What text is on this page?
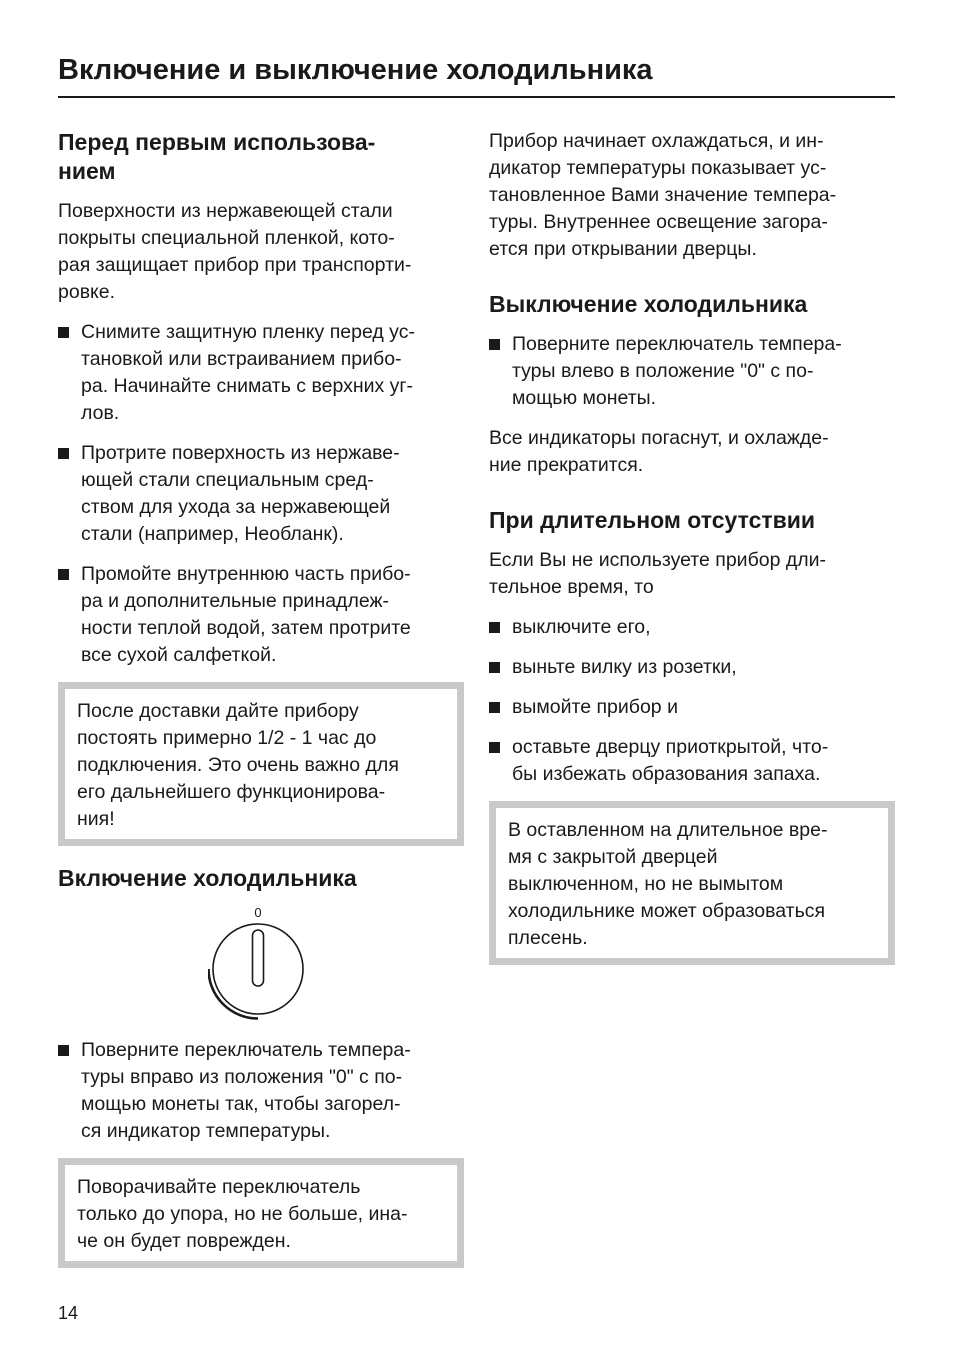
Включение и выключение холодильника
Перед первым использова-
нием

Поверхности из нержавеющей стали
покрыты специальной пленкой, кото-
рая защищает прибор при транспорти-
ровке.

Снимите защитную пленку перед ус-
тановкой или встраиванием прибо-
ра. Начинайте снимать с верхних уг-
лов.
Протрите поверхность из нержаве-
ющей стали специальным сред-
ством для ухода за нержавеющей
стали (например, Необланк).
Промойте внутреннюю часть прибо-
ра и дополнительные принадлеж-
ности теплой водой, затем протрите
все сухой салфеткой.
После доставки дайте прибору
постоять примерно 1/2 - 1 час до
подключения. Это очень важно для
его дальнейшего функционирова-
ния!
Включение холодильника
0
Поверните переключатель темпера-
туры вправо из положения "0" с по-
мощью монеты так, чтобы загорел-
ся индикатор температуры.
Поворачивайте переключатель
только до упора, но не больше, ина-
че он будет поврежден.

Прибор начинает охлаждаться, и ин-
дикатор температуры показывает ус-
тановленное Вами значение темпера-
туры. Внутреннее освещение загора-
ется при открывании дверцы.

Выключение холодильника
Поверните переключатель темпера-
туры влево в положение "0" с по-
мощью монеты.

Все индикаторы погаснут, и охлажде-
ние прекратится.

При длительном отсутствии

Если Вы не используете прибор дли-
тельное время, то

выключите его,
выньте вилку из розетки,
вымойте прибор и
оставьте дверцу приоткрытой, что-
бы избежать образования запаха.
В оставленном на длительное вре-
мя с закрытой дверцей
выключенном, но не вымытом
холодильнике может образоваться
плесень.
14
